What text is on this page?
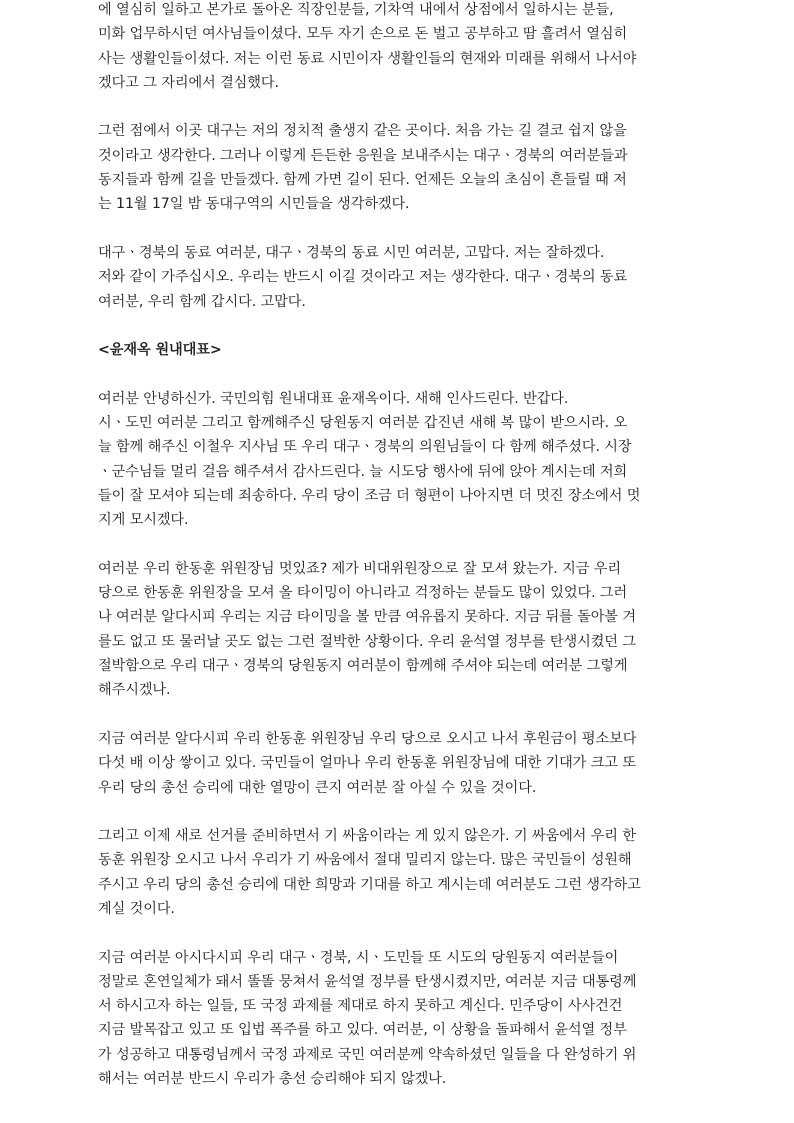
에 열심히 일하고 본가로 돌아온 직장인분들, 기차역 내에서 상점에서 일하시는 분들,
미화 업무하시던 여사님들이셨다. 모두 자기 손으로 돈 벌고 공부하고 땀 흘려서 열심히
사는 생활인들이셨다. 저는 이런 동료 시민이자 생활인들의 현재와 미래를 위해서 나서야
겠다고 그 자리에서 결심했다.
그런 점에서 이곳 대구는 저의 정치적 출생지 같은 곳이다. 처음 가는 길 결코 쉽지 않을
것이라고 생각한다. 그러나 이렇게 든든한 응원을 보내주시는 대구ㆍ경북의 여러분들과
동지들과 함께 길을 만들겠다. 함께 가면 길이 된다. 언제든 오늘의 초심이 흔들릴 때 저
는 11월 17일 밤 동대구역의 시민들을 생각하겠다.
대구ㆍ경북의 동료 여러분, 대구ㆍ경북의 동료 시민 여러분, 고맙다. 저는 잘하겠다.
저와 같이 가주십시오. 우리는 반드시 이길 것이라고 저는 생각한다. 대구ㆍ경북의 동료
여러분, 우리 함께 갑시다. 고맙다.
<윤재옥 원내대표>
여러분 안녕하신가. 국민의힘 원내대표 윤재옥이다. 새해 인사드린다. 반갑다.
시ㆍ도민 여러분 그리고 함께해주신 당원동지 여러분 갑진년 새해 복 많이 받으시라. 오
늘 함께 해주신 이철우 지사님 또 우리 대구ㆍ경북의 의원님들이 다 함께 해주셨다. 시장
ㆍ군수님들 멀리 걸음 해주셔서 감사드린다. 늘 시도당 행사에 뒤에 앉아 계시는데 저희
들이 잘 모셔야 되는데 죄송하다. 우리 당이 조금 더 형편이 나아지면 더 멋진 장소에서 멋
지게 모시겠다.
여러분 우리 한동훈 위원장님 멋있죠? 제가 비대위원장으로 잘 모셔 왔는가. 지금 우리
당으로 한동훈 위원장을 모셔 올 타이밍이 아니라고 걱정하는 분들도 많이 있었다. 그러
나 여러분 알다시피 우리는 지금 타이밍을 볼 만큼 여유롭지 못하다. 지금 뒤를 돌아볼 겨
를도 없고 또 물러날 곳도 없는 그런 절박한 상황이다. 우리 윤석열 정부를 탄생시켰던 그
절박함으로 우리 대구ㆍ경북의 당원동지 여러분이 함께해 주셔야 되는데 여러분 그렇게
해주시겠나.
지금 여러분 알다시피 우리 한동훈 위원장님 우리 당으로 오시고 나서 후원금이 평소보다
다섯 배 이상 쌓이고 있다. 국민들이 얼마나 우리 한동훈 위원장님에 대한 기대가 크고 또
우리 당의 총선 승리에 대한 열망이 큰지 여러분 잘 아실 수 있을 것이다.
그리고 이제 새로 선거를 준비하면서 기 싸움이라는 게 있지 않은가. 기 싸움에서 우리 한
동훈 위원장 오시고 나서 우리가 기 싸움에서 절대 밀리지 않는다. 많은 국민들이 성원해
주시고 우리 당의 총선 승리에 대한 희망과 기대를 하고 계시는데 여러분도 그런 생각하고
계실 것이다.
지금 여러분 아시다시피 우리 대구ㆍ경북, 시ㆍ도민들 또 시도의 당원동지 여러분들이
정말로 혼연일체가 돼서 똘똘 뭉쳐서 윤석열 정부를 탄생시켰지만, 여러분 지금 대통령께
서 하시고자 하는 일들, 또 국정 과제를 제대로 하지 못하고 계신다. 민주당이 사사건건
지금 발목잡고 있고 또 입법 폭주를 하고 있다. 여러분, 이 상황을 돌파해서 윤석열 정부
가 성공하고 대통령님께서 국정 과제로 국민 여러분께 약속하셨던 일들을 다 완성하기 위
해서는 여러분 반드시 우리가 총선 승리해야 되지 않겠나.
